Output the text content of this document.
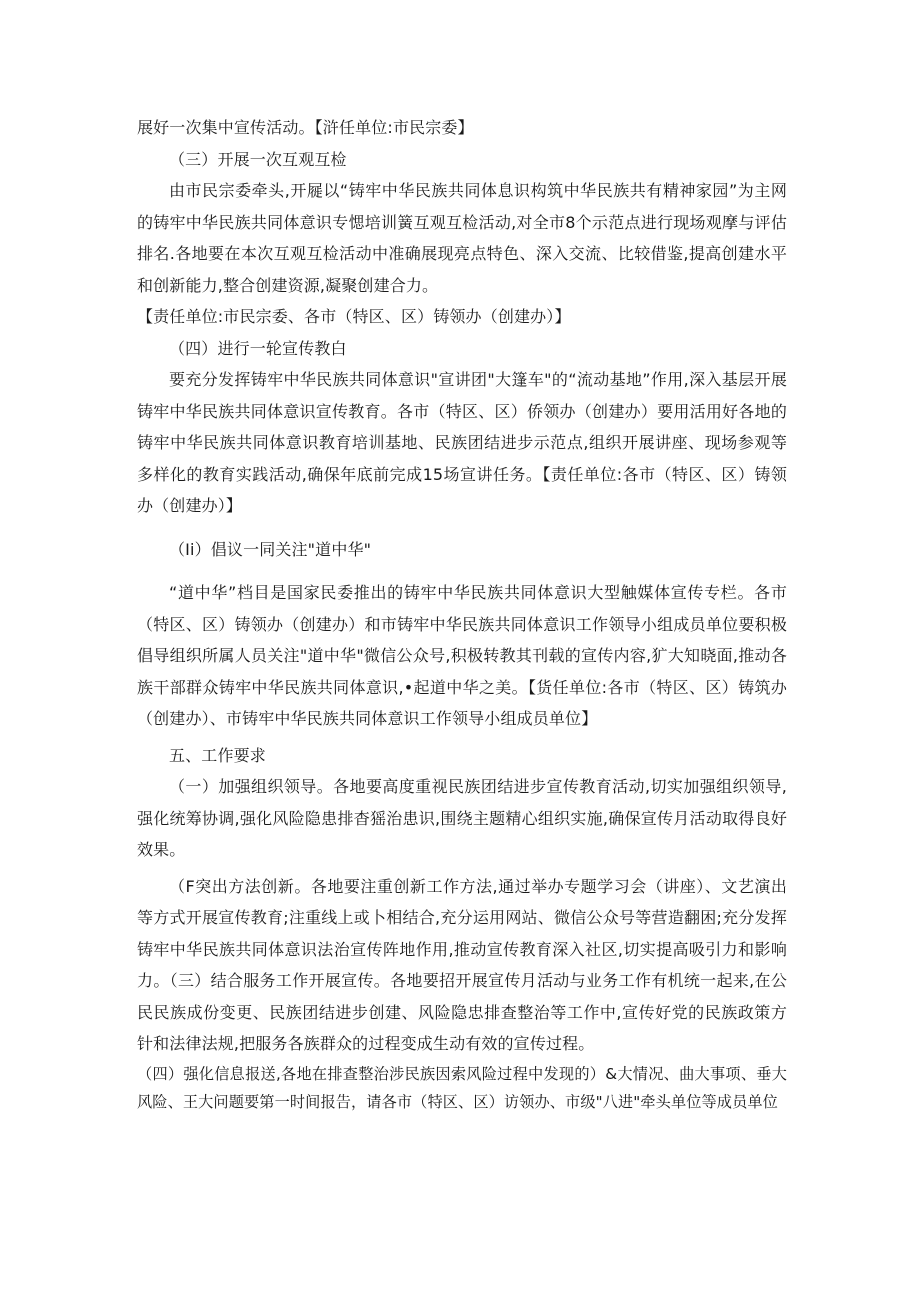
展好一次集中宣传活动。【浒任单位:市民宗委】

（三）开展一次互观互检

由市民宗委牵头,开屣以“铸牢中华民族共同体息识构筑中华民族共有精神家园”为主网的铸牢中华民族共同体意识专愢培训簧互观互检活动,对全市8个示范点进行现场观摩与评估排名.各地要在本次互观互检活动中准确展现亮点特色、深入交流、比较借鉴,提高创建水平和创新能力,整合创建资源,凝聚创建合力。

【责任单位:市民宗委、各市（特区、区）铸领办（创建办）】

（四）进行一轮宣传教白

要充分发挥铸牢中华民族共同体意识"宣讲团"大篷车"的“流动基地”作用,深入基层开展铸牢中华民族共同体意识宣传教育。各市（特区、区）侨领办（创建办）要用活用好各地的铸牢中华民族共同体意识教育培训基地、民族团结进步示范点,组织开展讲座、现场参观等多样化的教育实践活动,确保年底前完成15场宣讲任务。【责任单位:各市（特区、区）铸领办（创建办）】

（Ii）倡议一同关注"道中华"

“道中华”档目是国家民委推出的铸牢中华民族共同体意识大型触媒体宣传专栏。各市（特区、区）铸领办（创建办）和市铸牢中华民族共同体意识工作领导小组成员单位要积极倡导组织所属人员关注"道中华"微信公众号,积极转教其刊载的宣传内容,犷大知晓面,推动各族干部群众铸牢中华民族共同体意识,•起道中华之美。【货任单位:各市（特区、区）铸筑办（创建办）、市铸牢中华民族共同体意识工作领导小组成员单位】

五、工作要求

（一）加强组织领导。各地要高度重视民族团结进步宣传教育活动,切实加强组织领导,强化统筹协调,强化风险隐患排杳猺治患识,围绕主题精心组织实施,确保宣传月活动取得良好效果。

（F突出方法创新。各地要注重创新工作方法,通过举办专题学习会（讲座）、文艺演出等方式开展宣传教育;注重线上或卜相结合,充分运用网站、微信公众号等营造翻困;充分发挥铸牢中华民族共同体意识法治宣传阵地作用,推动宣传教育深入社区,切实提高吸引力和影响力。（三）结合服务工作开展宣传。各地要招开展宣传月活动与业务工作有机统一起来,在公民民族成份变更、民族团结进步创建、风险隐忠排查整治等工作中,宣传好党的民族政策方针和法律法规,把服务各族群众的过程变成生动有效的宣传过程。

（四）强化信息报送,各地在排查整治涉民族因索风险过程中发现的）&大情况、曲大事项、垂大风险、王大问题要第一时间报告，请各市（特区、区）访领办、市级"八进"牵头单位等成员单位
